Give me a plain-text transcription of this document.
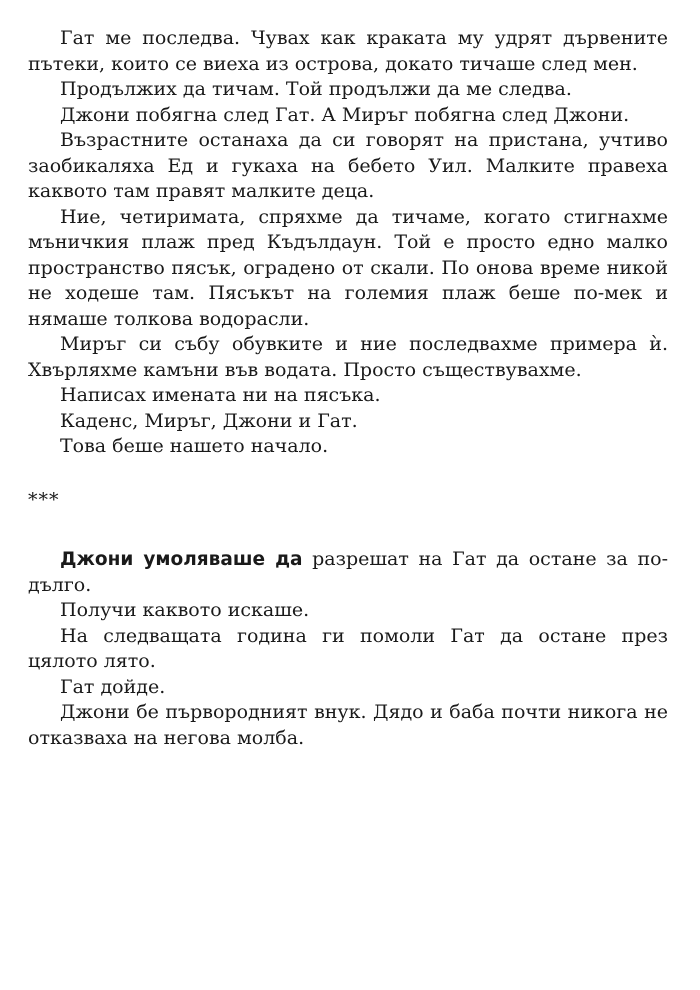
Гат ме последва. Чувах как краката му удрят дървените пътеки, които се виеха из острова, докато тичаше след мен.

Продължих да тичам. Той продължи да ме следва.

Джони побягна след Гат. А Миръг побягна след Джони.

Възрастните останаха да си говорят на пристана, учтиво заобикаляха Ед и гукаха на бебето Уил. Малките правеха каквото там правят малките деца.

Ние, четиримата, спряхме да тичаме, когато стигнахме мъничкия плаж пред Къдълдаун. Той е просто едно малко пространство пясък, оградено от скали. По онова време никой не ходеше там. Пясъкът на големия плаж беше по-мек и нямаше толкова водорасли.

Миръг си събу обувките и ние последвахме примера ѝ. Хвърляхме камъни във водата. Просто съществувахме.

Написах имената ни на пясъка.

Каденс, Миръг, Джони и Гат.

Това беше нашето начало.

***

Джони умоляваше да разрешат на Гат да остане за по-дълго.

Получи каквото искаше.

На следващата година ги помоли Гат да остане през цялото лято.

Гат дойде.

Джони бе първородният внук. Дядо и баба почти никога не отказваха на негова молба.
